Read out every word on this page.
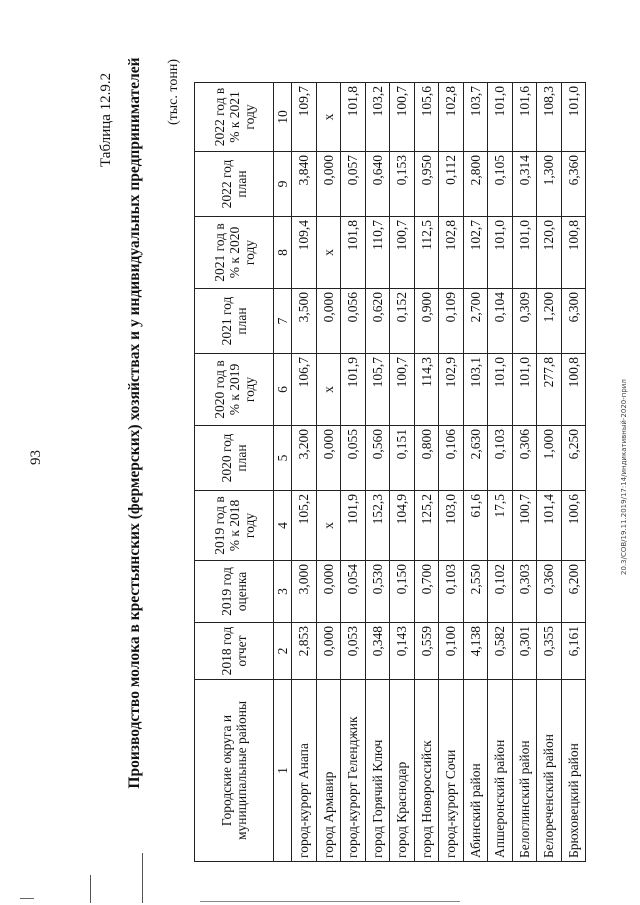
93
Таблица 12.9.2 Производство молока в крестьянских (фермерских) хозяйствах и у индивидуальных предпринимателей (тыс. тонн)
Городские округа и муниципальные районы	2018 год отчет	2019 год оценка	2019 год в % к 2018 году	2020 год план	2020 год в % к 2019 году	2021 год план	2021 год в % к 2020 году	2022 год план	2022 год в % к 2021 году
1	2	3	4	5	6	7	8	9	10
город-курорт Анапа	2,853	3,000	105,2	3,200	106,7	3,500	109,4	3,840	109,7
город Армавир	0,000	0,000	х	0,000	х	0,000	х	0,000	х
город-курорт Геленджик	0,053	0,054	101,9	0,055	101,9	0,056	101,8	0,057	101,8
город Горячий Ключ	0,348	0,530	152,3	0,560	105,7	0,620	110,7	0,640	103,2
город Краснодар	0,143	0,150	104,9	0,151	100,7	0,152	100,7	0,153	100,7
город Новороссийск	0,559	0,700	125,2	0,800	114,3	0,900	112,5	0,950	105,6
город-курорт Сочи	0,100	0,103	103,0	0,106	102,9	0,109	102,8	0,112	102,8
Абинский район	4,138	2,550	61,6	2,630	103,1	2,700	102,7	2,800	103,7
Апшеронский район	0,582	0,102	17,5	0,103	101,0	0,104	101,0	0,105	101,0
Белоглинский район	0,301	0,303	100,7	0,306	101,0	0,309	101,0	0,314	101,6
Белореченский район	0,355	0,360	101,4	1,000	277,8	1,200	120,0	1,300	108,3
Брюховецкий район	6,161	6,200	100,6	6,250	100,8	6,300	100,8	6,360	101,0
20.3/СОВ/19.11.2019/17:14/индикативный-2020-прил
